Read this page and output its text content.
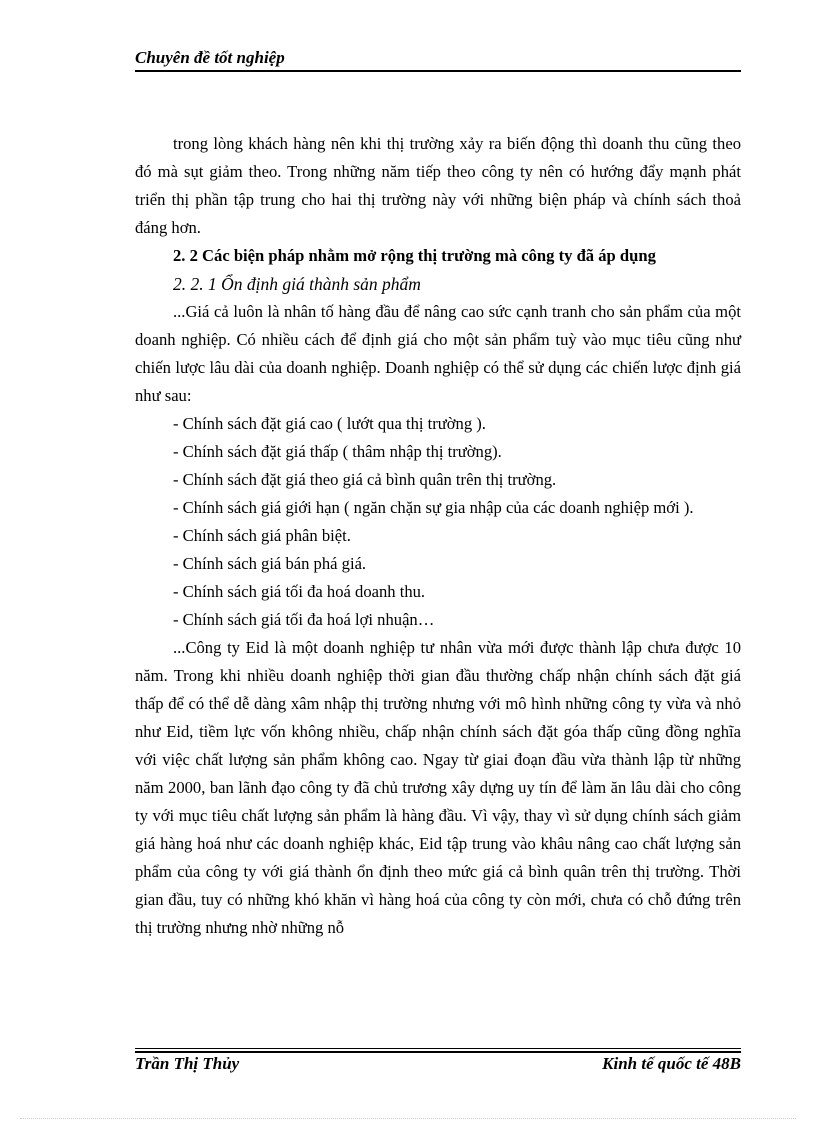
Chuyên đề tốt nghiệp

trong lòng khách hàng nên khi thị trường xảy ra biến động thì doanh thu cũng theo đó mà sụt giảm theo. Trong những năm tiếp theo công ty nên có hướng đẩy mạnh phát triển thị phần tập trung cho hai thị trường này với những biện pháp và chính sách thoả đáng hơn.

2. 2 Các biện pháp nhằm mở rộng thị trường mà công ty đã áp dụng

2. 2. 1 Ổn định giá thành sản phẩm

...Giá cả luôn là nhân tố hàng đầu để nâng cao sức cạnh tranh cho sản phẩm của một doanh nghiệp. Có nhiều cách để định giá cho một sản phẩm tuỳ vào mục tiêu cũng như chiến lược lâu dài của doanh nghiệp. Doanh nghiệp có thể sử dụng các chiến lược định giá như sau:

- Chính sách đặt giá cao ( lướt qua thị trường ).

- Chính sách đặt giá thấp ( thâm nhập thị trường).

- Chính sách đặt giá theo giá cả bình quân trên thị trường.

- Chính sách giá giới hạn ( ngăn chặn sự gia nhập của các doanh nghiệp mới ).

- Chính sách giá phân biệt.

- Chính sách giá bán phá giá.

- Chính sách giá tối đa hoá doanh thu.

- Chính sách giá tối đa hoá lợi nhuận…

...Công ty Eid là một doanh nghiệp tư nhân vừa mới được thành lập chưa được 10 năm. Trong khi nhiều doanh nghiệp thời gian đầu thường chấp nhận chính sách đặt giá thấp để có thể dễ dàng xâm nhập thị trường nhưng với mô hình những công ty vừa và nhỏ như Eid, tiềm lực vốn không nhiều, chấp nhận chính sách đặt góa thấp cũng đồng nghĩa với việc chất lượng sản phẩm không cao. Ngay từ giai đoạn đầu vừa thành lập từ những năm 2000, ban lãnh đạo công ty đã chủ trương xây dựng uy tín để làm ăn lâu dài cho công ty với mục tiêu chất lượng sản phẩm là hàng đầu. Vì vậy, thay vì sử dụng chính sách giảm giá hàng hoá như các doanh nghiệp khác, Eid tập trung vào khâu nâng cao chất lượng sản phẩm của công ty với giá thành ổn định theo mức giá cả bình quân trên thị trường. Thời gian đầu, tuy có những khó khăn vì hàng hoá của công ty còn mới, chưa có chỗ đứng trên thị trường nhưng nhờ những nỗ

Trần Thị Thủy	Kinh tế quốc tế 48B
